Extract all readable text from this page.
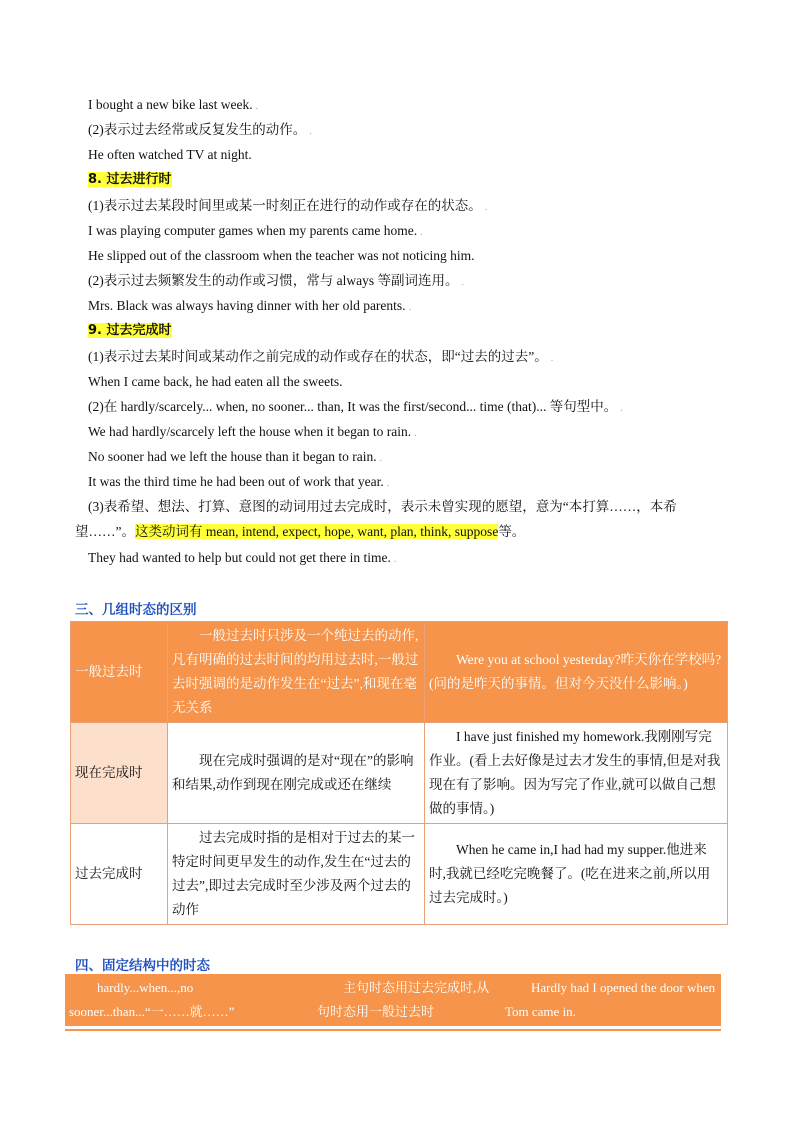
I bought a new bike last week. .
(2)表示过去经常或反复发生的动作。 .
He often watched TV at night.
8. 过去进行时
(1)表示过去某段时间里或某一时刻正在进行的动作或存在的状态。 .
I was playing computer games when my parents came home. .
He slipped out of the classroom when the teacher was not noticing him.
(2)表示过去频繁发生的动作或习惯，常与 always 等副词连用。 .
Mrs. Black was always having dinner with her old parents. .
9. 过去完成时
(1)表示过去某时间或某动作之前完成的动作或存在的状态，即“过去的过去”。 .
When I came back, he had eaten all the sweets.
(2)在 hardly/scarcely... when, no sooner... than, It was the first/second... time (that)... 等句型中。 .
We had hardly/scarcely left the house when it began to rain. .
No sooner had we left the house than it began to rain. .
It was the third time he had been out of work that year. .
(3)表希望、想法、打算、意图的动词用过去完成时，表示未曾实现的愿望，意为“本打算……，本希
望……”。这类动词有 mean, intend, expect, hope, want, plan, think, suppose等。
They had wanted to help but could not get there in time. .
三、几组时态的区别
一般过去时	一般过去时只涉及一个纯过去的动作,凡有明确的过去时间的均用过去时,一般过去时强调的是动作发生在“过去”,和现在毫无关系	Were you at school yesterday?昨天你在学校吗?(问的是昨天的事情。但对今天没什么影响。)
现在完成时	现在完成时强调的是对“现在”的影响和结果,动作到现在刚完成或还在继续	I have just finished my homework.我刚刚写完作业。(看上去好像是过去才发生的事情,但是对我现在有了影响。因为写完了作业,就可以做自己想做的事情。)
过去完成时	过去完成时指的是相对于过去的某一特定时间更早发生的动作,发生在“过去的过去”,即过去完成时至少涉及两个过去的动作	When he came in,I had had my supper.他进来时,我就已经吃完晚餐了。(吃在进来之前,所以用过去完成时。)
四、固定结构中的时态
hardly...when...,no
sooner...than...“一……就……”
	主句时态用过去完成时,从句时态用一般过去时	Hardly had I opened the door when Tom came in.
